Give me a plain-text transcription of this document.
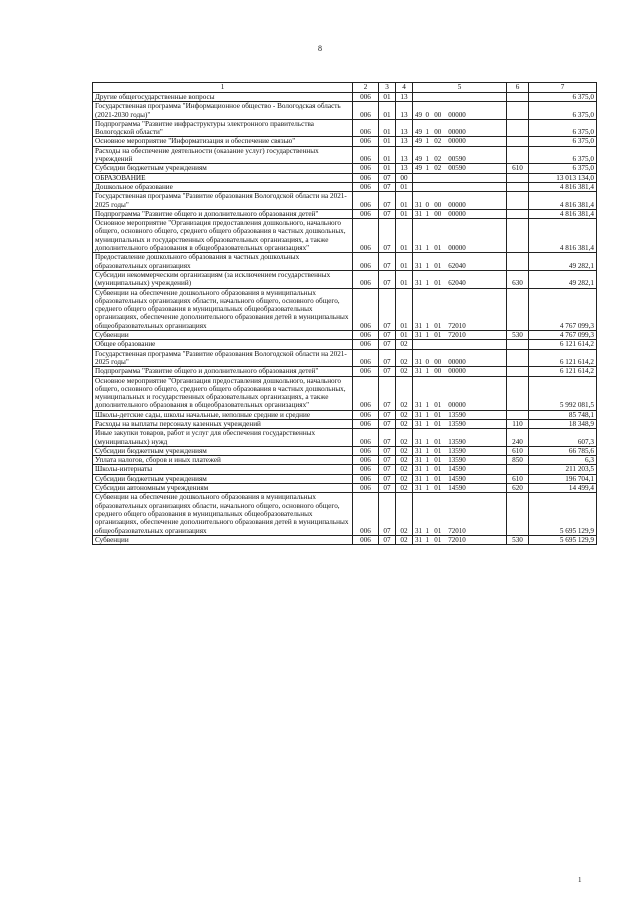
8
1	2	3	4	5	6	7
Другие общегосударственные вопросы	006	01	13			6 375,0
Государственная программа "Информационное общество - Вологодская область (2021-2030 годы)"	006	01	13	49  0   00    00000		6 375,0
Подпрограмма "Развитие инфраструктуры электронного правительства Вологодской области"	006	01	13	49  1   00    00000		6 375,0
Основное мероприятие "Информатизация и обеспечение связью"	006	01	13	49  1   02    00000		6 375,0
Расходы на обеспечение деятельности (оказание услуг) государственных учреждений	006	01	13	49  1   02    00590		6 375,0
Субсидии бюджетным учреждениям	006	01	13	49  1   02    00590	610	6 375,0
ОБРАЗОВАНИЕ	006	07	00			13 013 134,0
Дошкольное образование	006	07	01			4 816 381,4
Государственная программа "Развитие образования Вологодской области на 2021-2025 годы"	006	07	01	31  0   00    00000		4 816 381,4
Подпрограмма "Развитие общего и дополнительного образования детей"	006	07	01	31  1   00    00000		4 816 381,4
Основное мероприятие "Организация предоставления дошкольного, начального общего, основного общего, среднего общего образования в частных дошкольных, муниципальных и государственных образовательных организациях, а также дополнительного образования в общеобразовательных организациях"	006	07	01	31  1   01    00000		4 816 381,4
Предоставление дошкольного образования в частных дошкольных образовательных организациях	006	07	01	31  1   01    62040		49 282,1
Субсидии некоммерческим организациям (за исключением государственных (муниципальных) учреждений)	006	07	01	31  1   01    62040	630	49 282,1
Субвенции на обеспечение дошкольного образования в муниципальных образовательных организациях области, начального общего, основного общего, среднего общего образования в муниципальных общеобразовательных организациях, обеспечение дополнительного образования детей в муниципальных общеобразовательных организациях	006	07	01	31  1   01    72010		4 767 099,3
Субвенции	006	07	01	31  1   01    72010	530	4 767 099,3
Общее образование	006	07	02			6 121 614,2
Государственная программа "Развитие образования Вологодской области на 2021-2025 годы"	006	07	02	31  0   00    00000		6 121 614,2
Подпрограмма "Развитие общего и дополнительного образования детей"	006	07	02	31  1   00    00000		6 121 614,2
Основное мероприятие "Организация предоставления дошкольного, начального общего, основного общего, среднего общего образования в частных дошкольных, муниципальных и государственных образовательных организациях, а также дополнительного образования в общеобразовательных организациях"	006	07	02	31  1   01    00000		5 992 081,5
Школы-детские сады, школы начальные, неполные средние и средние	006	07	02	31  1   01    13590		85 748,1
Расходы на выплаты персоналу казенных учреждений	006	07	02	31  1   01    13590	110	18 348,9
Иные закупки товаров, работ и услуг для обеспечения государственных (муниципальных) нужд	006	07	02	31  1   01    13590	240	607,3
Субсидии бюджетным учреждениям	006	07	02	31  1   01    13590	610	66 785,6
Уплата налогов, сборов и иных платежей	006	07	02	31  1   01    13590	850	6,3
Школы-интернаты	006	07	02	31  1   01    14590		211 203,5
Субсидии бюджетным учреждениям	006	07	02	31  1   01    14590	610	196 704,1
Субсидии автономным учреждениям	006	07	02	31  1   01    14590	620	14 499,4
Субвенции на обеспечение дошкольного образования в муниципальных образовательных организациях области, начального общего, основного общего, среднего общего образования в муниципальных общеобразовательных организациях, обеспечение дополнительного образования детей в муниципальных общеобразовательных организациях	006	07	02	31  1   01    72010		5 695 129,9
Субвенции	006	07	02	31  1   01    72010	530	5 695 129,9
1
